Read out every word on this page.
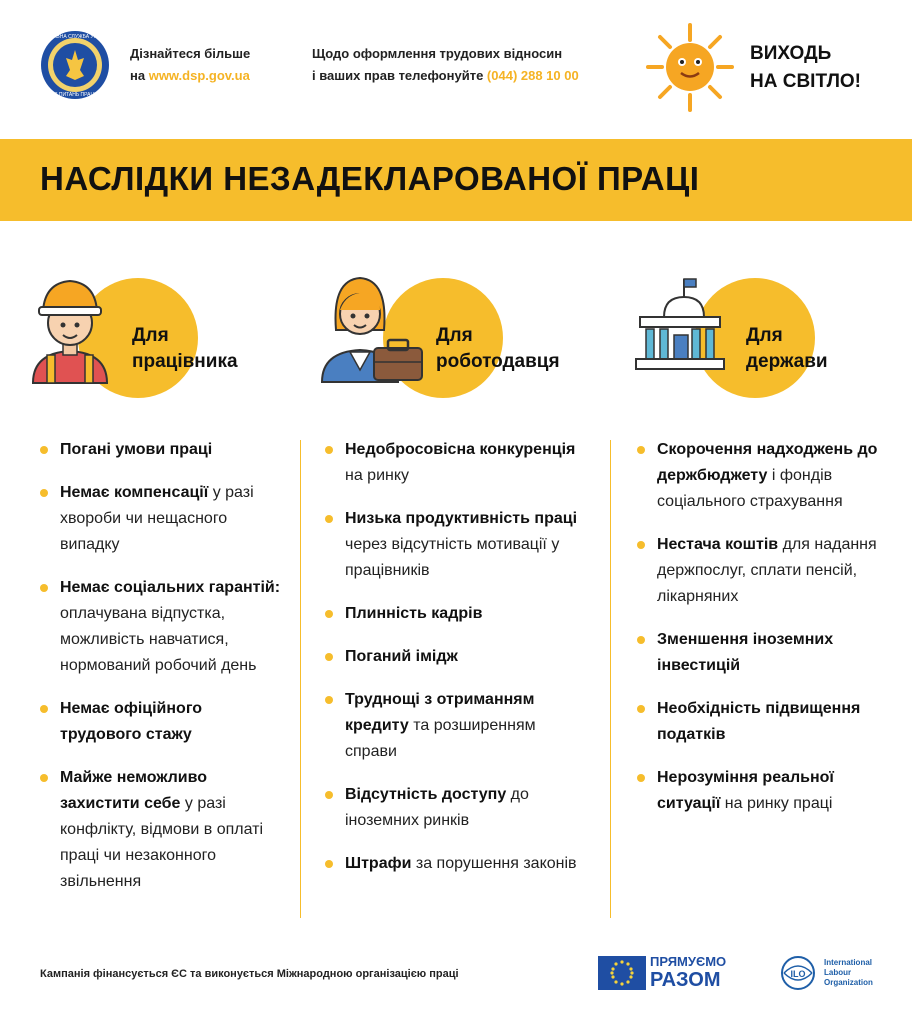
ДЕРЖАВНА СЛУЖБА УКРАЇНИ
З ПИТАНЬ ПРАЦІ
Дізнайтеся більше
на www.dsp.gov.ua
Щодо оформлення трудових відносин
і ваших прав телефонуйте (044) 288 10 00
ВИХОДЬ
НА СВІТЛО!
НАСЛІДКИ НЕЗАДЕКЛАРОВАНОЇ ПРАЦІ
Для
працівника
Для
роботодавця
Для
держави
Погані умови праці
Немає компенсації у разі хвороби чи нещасного випадку
Немає соціальних гарантій: оплачувана відпустка, можливість навчатися, нормований робочий день
Немає офіційного трудового стажу
Майже неможливо захистити себе у разі конфлікту, відмови в оплаті праці чи незаконного звільнення
Недобросовісна конкуренція на ринку
Низька продуктивність праці через відсутність мотивації у працівників
Плинність кадрів
Поганий імідж
Труднощі з отриманням кредиту та розширенням справи
Відсутність доступу до іноземних ринків
Штрафи за порушення законів
Скорочення надходжень до держбюджету і фондів соціального страхування
Нестача коштів для надання держпослуг, сплати пенсій, лікарняних
Зменшення іноземних інвестицій
Необхідність підвищення податків
Нерозуміння реальної ситуації на ринку праці
Кампанія фінансується ЄС та виконується Міжнародною організацією праці
ПРЯМУЄМО
РАЗОМ	ILO
International
Labour
Organization
